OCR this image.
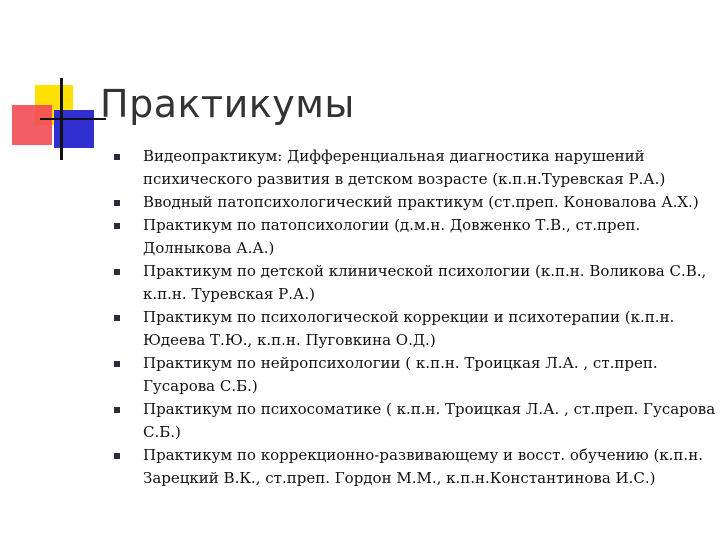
Практикумы
Видеопрактикум: Дифференциальная диагностика нарушений психического развития в детском возрасте (к.п.н.Туревская Р.А.)
Вводный патопсихологический практикум (ст.преп. Коновалова А.Х.)
Практикум по патопсихологии (д.м.н. Довженко Т.В., ст.преп. Долныкова А.А.)
Практикум по детской клинической психологии (к.п.н. Воликова С.В., к.п.н. Туревская Р.А.)
Практикум по психологической коррекции и психотерапии (к.п.н. Юдеева Т.Ю., к.п.н. Пуговкина О.Д.)
Практикум по нейропсихологии ( к.п.н. Троицкая Л.А. , ст.преп. Гусарова С.Б.)
Практикум по психосоматике ( к.п.н. Троицкая Л.А. , ст.преп. Гусарова С.Б.)
Практикум по коррекционно-развивающему и восст. обучению (к.п.н. Зарецкий В.К., ст.преп. Гордон М.М., к.п.н.Константинова И.С.)
